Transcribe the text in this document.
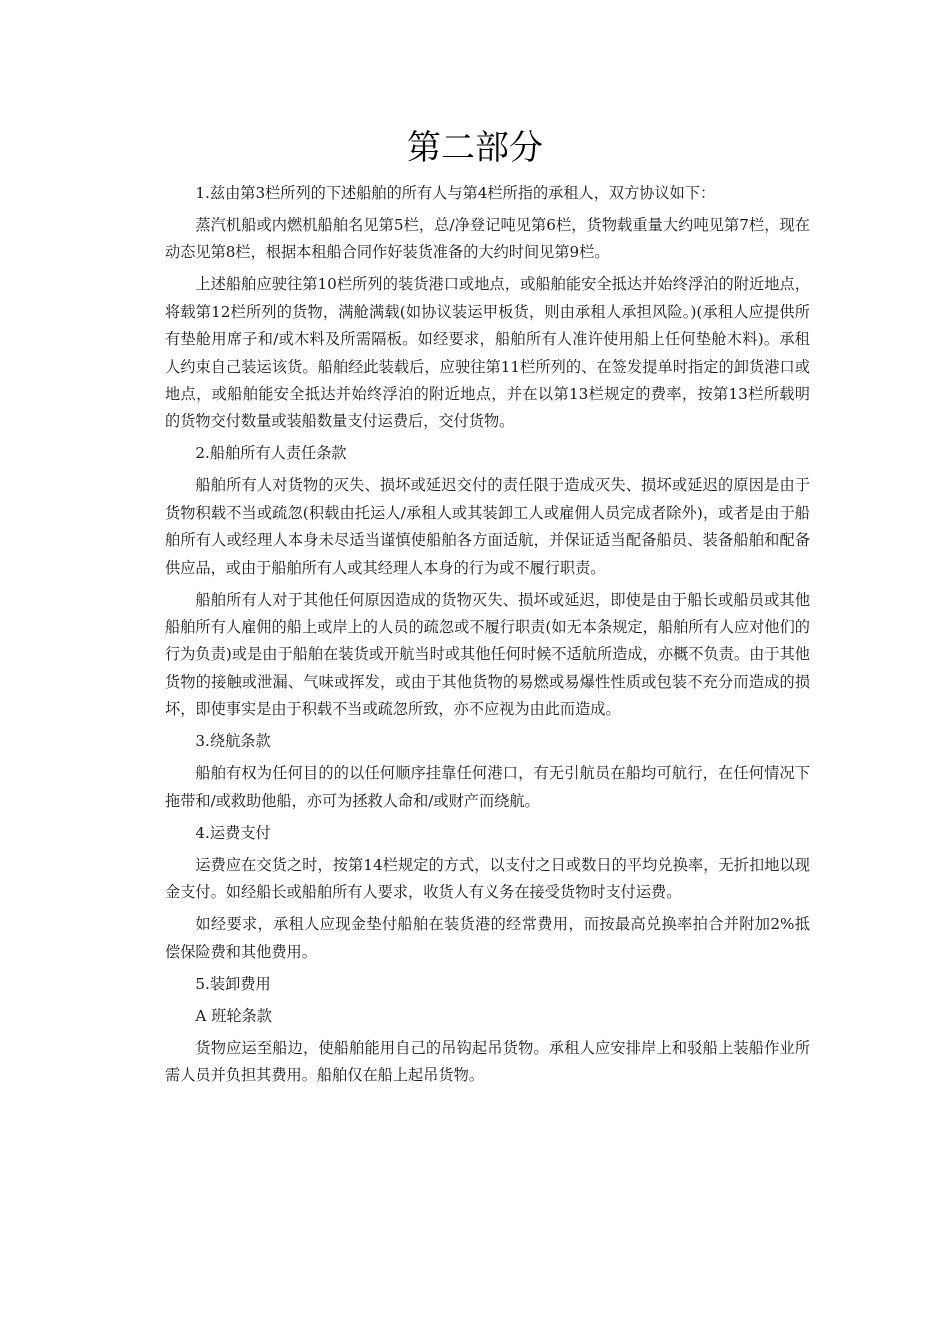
第二部分

1.兹由第3栏所列的下述船舶的所有人与第4栏所指的承租人，双方协议如下：

蒸汽机船或内燃机船舶名见第5栏，总/净登记吨见第6栏，货物载重量大约吨见第7栏，现在动态见第8栏，根据本租船合同作好装货准备的大约时间见第9栏。

上述船舶应驶往第10栏所列的装货港口或地点，或船舶能安全抵达并始终浮泊的附近地点，将载第12栏所列的货物，满舱满载(如协议装运甲板货，则由承租人承担风险。)(承租人应提供所有垫舱用席子和/或木料及所需隔板。如经要求，船舶所有人准许使用船上任何垫舱木料)。承租人约束自己装运该货。船舶经此装载后，应驶往第11栏所列的、在签发提单时指定的卸货港口或地点，或船舶能安全抵达并始终浮泊的附近地点，并在以第13栏规定的费率，按第13栏所载明的货物交付数量或装船数量支付运费后，交付货物。

2.船舶所有人责任条款

船舶所有人对货物的灭失、损坏或延迟交付的责任限于造成灭失、损坏或延迟的原因是由于货物积载不当或疏忽(积载由托运人/承租人或其装卸工人或雇佣人员完成者除外)，或者是由于船舶所有人或经理人本身未尽适当谨慎使船舶各方面适航，并保证适当配备船员、装备船舶和配备供应品，或由于船舶所有人或其经理人本身的行为或不履行职责。

船舶所有人对于其他任何原因造成的货物灭失、损坏或延迟，即使是由于船长或船员或其他船舶所有人雇佣的船上或岸上的人员的疏忽或不履行职责(如无本条规定，船舶所有人应对他们的行为负责)或是由于船舶在装货或开航当时或其他任何时候不适航所造成，亦概不负责。由于其他货物的接触或泄漏、气味或挥发，或由于其他货物的易燃或易爆性性质或包装不充分而造成的损坏，即使事实是由于积载不当或疏忽所致，亦不应视为由此而造成。

3.绕航条款

船舶有权为任何目的的以任何顺序挂靠任何港口，有无引航员在船均可航行，在任何情况下拖带和/或救助他船，亦可为拯救人命和/或财产而绕航。

4.运费支付

运费应在交货之时，按第14栏规定的方式，以支付之日或数日的平均兑换率，无折扣地以现金支付。如经船长或船舶所有人要求，收货人有义务在接受货物时支付运费。

如经要求，承租人应现金垫付船舶在装货港的经常费用，而按最高兑换率拍合并附加2%抵偿保险费和其他费用。

5.装卸费用

A 班轮条款

货物应运至船边，使船舶能用自己的吊钩起吊货物。承租人应安排岸上和驳船上装船作业所需人员并负担其费用。船舶仅在船上起吊货物。
